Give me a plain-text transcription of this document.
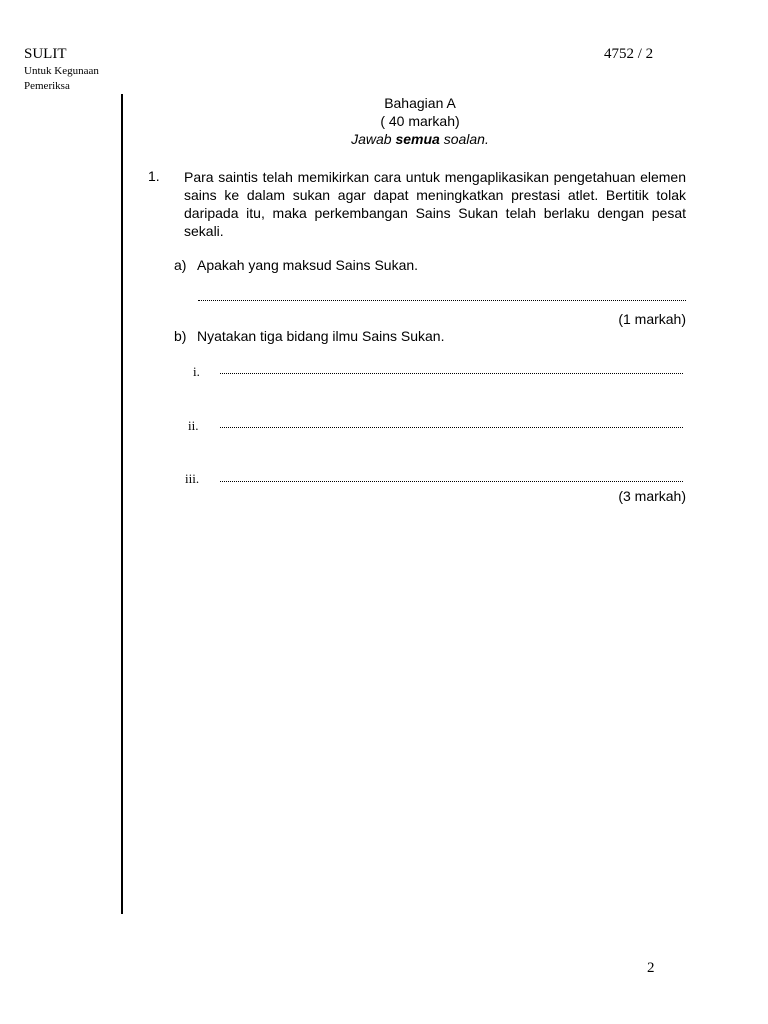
SULIT
Untuk Kegunaan
Pemeriksa
4752 / 2
Bahagian A
( 40 markah)
Jawab semua soalan.
1. Para saintis telah memikirkan cara untuk mengaplikasikan pengetahuan elemen sains ke dalam sukan agar dapat meningkatkan prestasi atlet. Bertitik tolak daripada itu, maka perkembangan Sains Sukan telah berlaku dengan pesat sekali.
a) Apakah yang maksud Sains Sukan.
(1 markah)
b) Nyatakan tiga bidang ilmu Sains Sukan.
i.
ii.
iii.
(3 markah)
2
